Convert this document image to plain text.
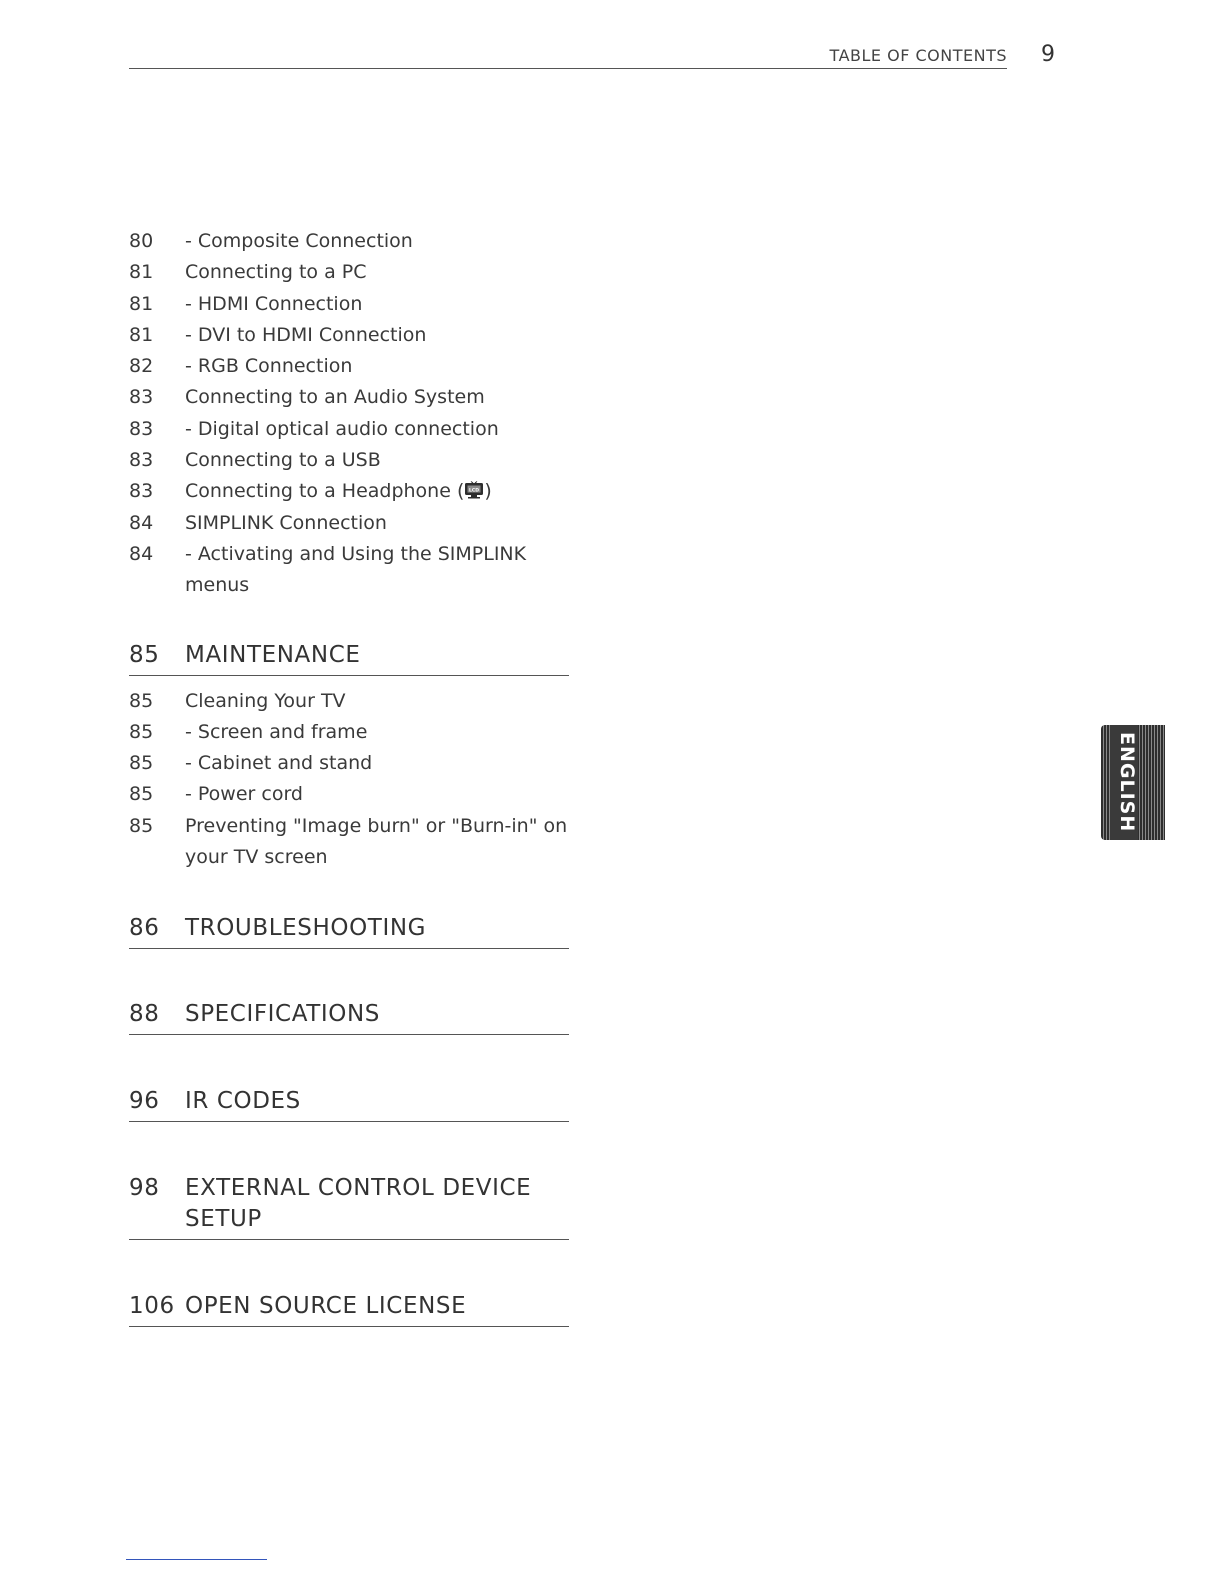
TABLE OF CONTENTS 9
80	- Composite Connection
81	Connecting to a PC
81	- HDMI Connection
81	- DVI to HDMI Connection
82	- RGB Connection
83	Connecting to an Audio System
83	- Digital optical audio connection
83	Connecting to a USB
83	Connecting to a Headphone ( LCD )
84	SIMPLINK Connection
84	- Activating and Using the SIMPLINK
menus
85 MAINTENANCE
85	Cleaning Your TV
85	- Screen and frame
85	- Cabinet and stand
85	- Power cord
85	Preventing "Image burn" or "Burn-in" on
your TV screen
86 TROUBLESHOOTING
88 SPECIFICATIONS
96 IR CODES
98 EXTERNAL CONTROL DEVICE
SETUP
106 OPEN SOURCE LICENSE
ENGLISH
